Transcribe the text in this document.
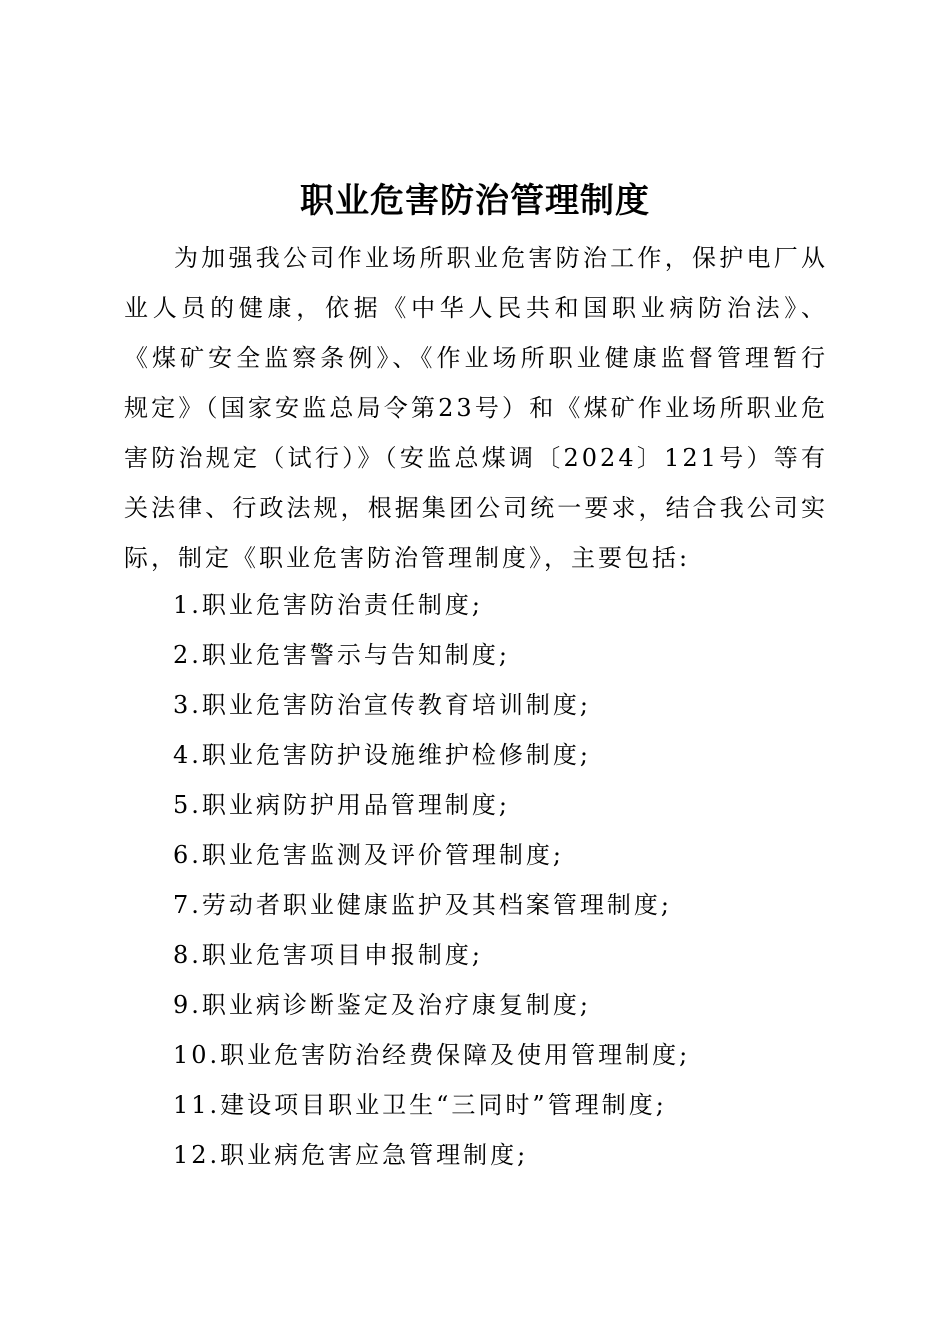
职业危害防治管理制度

为加强我公司作业场所职业危害防治工作，保护电厂从业人员的健康，依据《中华人民共和国职业病防治法》、《煤矿安全监察条例》、《作业场所职业健康监督管理暂行规定》（国家安监总局令第23号）和《煤矿作业场所职业危害防治规定（试行）》（安监总煤调〔2024〕121号）等有关法律、行政法规，根据集团公司统一要求，结合我公司实际，制定《职业危害防治管理制度》，主要包括:

1.职业危害防治责任制度;
2.职业危害警示与告知制度;
3.职业危害防治宣传教育培训制度;
4.职业危害防护设施维护检修制度;
5.职业病防护用品管理制度;
6.职业危害监测及评价管理制度;
7.劳动者职业健康监护及其档案管理制度;
8.职业危害项目申报制度;
9.职业病诊断鉴定及治疗康复制度;
10.职业危害防治经费保障及使用管理制度;
11.建设项目职业卫生“三同时”管理制度;
12.职业病危害应急管理制度;
